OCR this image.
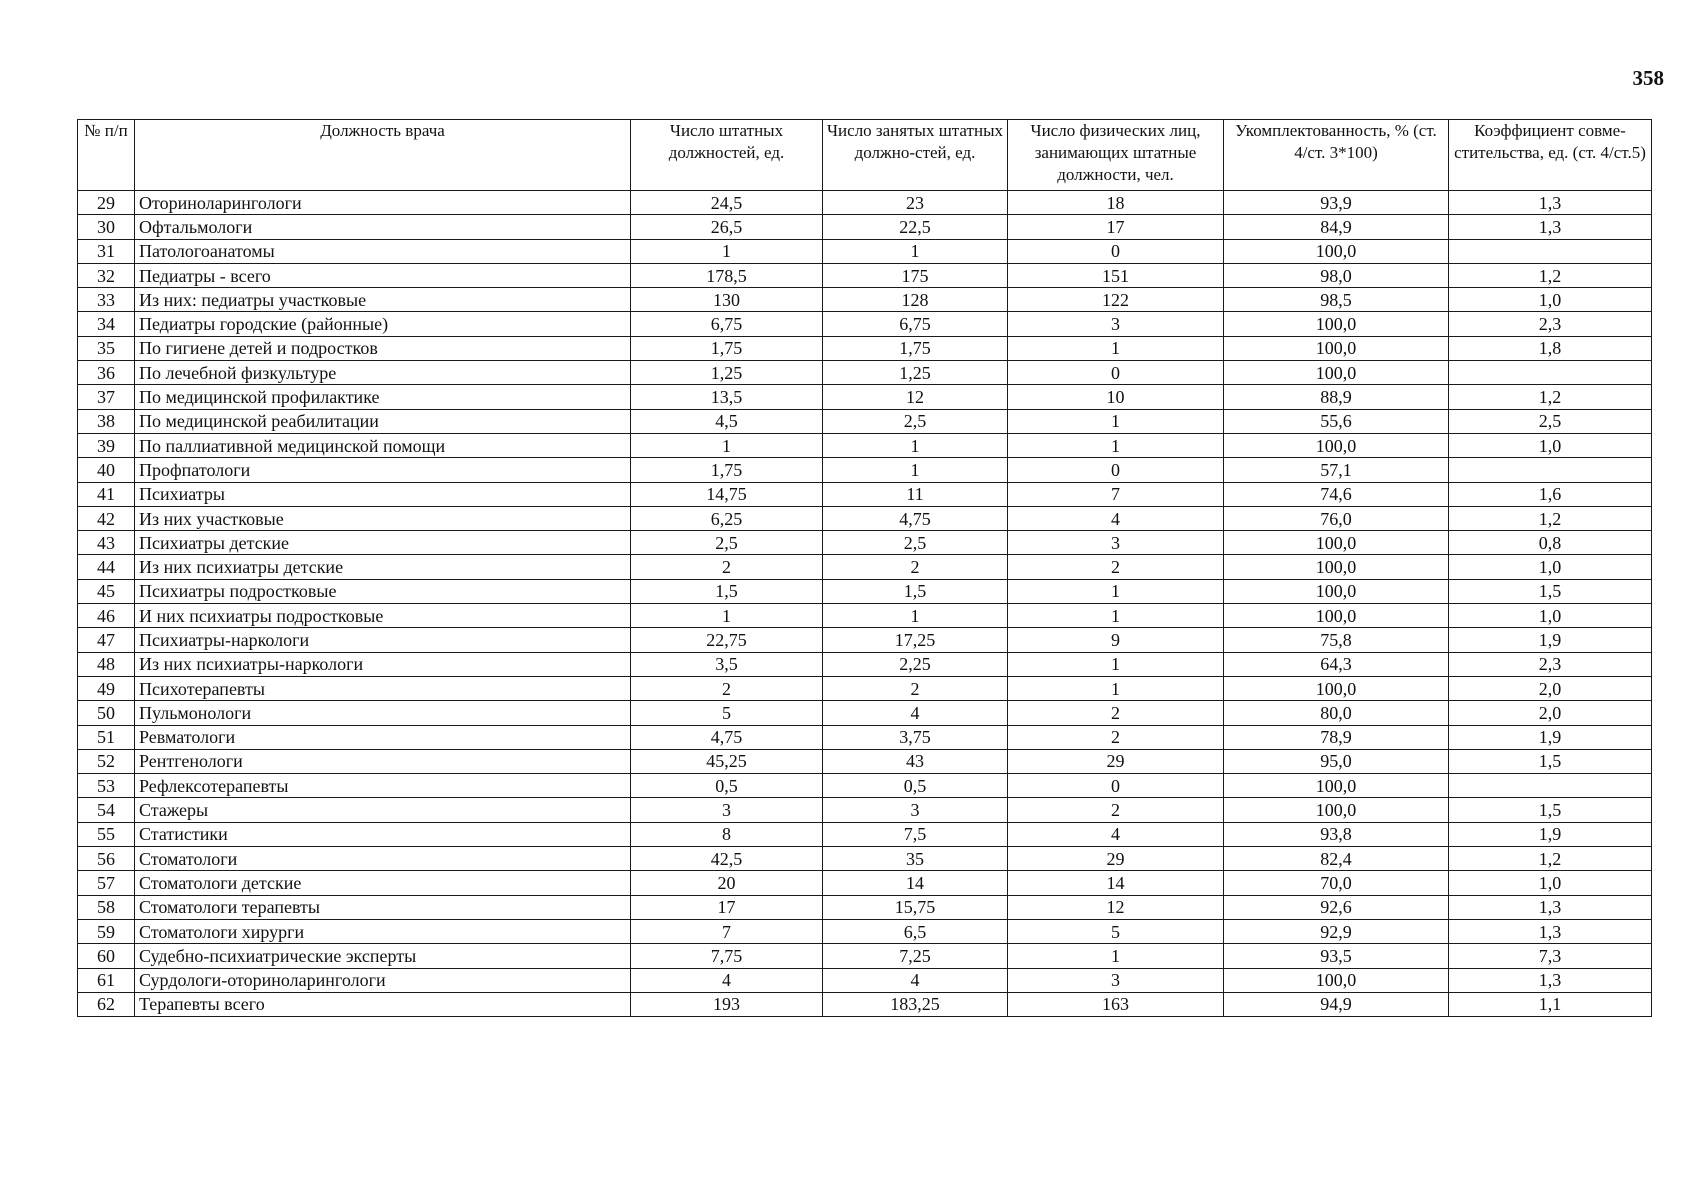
358
№ п/п	Должность врача	Число штатных должностей, ед.	Число занятых штатных должно-стей, ед.	Число физических лиц, занимающих штатные должности, чел.	Укомплектованность, % (ст. 4/ст. 3*100)	Коэффициент совме-стительства, ед. (ст. 4/ст.5)
29	Оториноларингологи	24,5	23	18	93,9	1,3
30	Офтальмологи	26,5	22,5	17	84,9	1,3
31	Патологоанатомы	1	1	0	100,0	
32	Педиатры - всего	178,5	175	151	98,0	1,2
33	Из них: педиатры участковые	130	128	122	98,5	1,0
34	Педиатры городские (районные)	6,75	6,75	3	100,0	2,3
35	По гигиене детей и подростков	1,75	1,75	1	100,0	1,8
36	По лечебной физкультуре	1,25	1,25	0	100,0	
37	По медицинской профилактике	13,5	12	10	88,9	1,2
38	По медицинской реабилитации	4,5	2,5	1	55,6	2,5
39	По паллиативной медицинской помощи	1	1	1	100,0	1,0
40	Профпатологи	1,75	1	0	57,1	
41	Психиатры	14,75	11	7	74,6	1,6
42	Из них участковые	6,25	4,75	4	76,0	1,2
43	Психиатры детские	2,5	2,5	3	100,0	0,8
44	Из них психиатры детские	2	2	2	100,0	1,0
45	Психиатры подростковые	1,5	1,5	1	100,0	1,5
46	И них психиатры подростковые	1	1	1	100,0	1,0
47	Психиатры-наркологи	22,75	17,25	9	75,8	1,9
48	Из них психиатры-наркологи	3,5	2,25	1	64,3	2,3
49	Психотерапевты	2	2	1	100,0	2,0
50	Пульмонологи	5	4	2	80,0	2,0
51	Ревматологи	4,75	3,75	2	78,9	1,9
52	Рентгенологи	45,25	43	29	95,0	1,5
53	Рефлексотерапевты	0,5	0,5	0	100,0	
54	Стажеры	3	3	2	100,0	1,5
55	Статистики	8	7,5	4	93,8	1,9
56	Стоматологи	42,5	35	29	82,4	1,2
57	Стоматологи детские	20	14	14	70,0	1,0
58	Стоматологи терапевты	17	15,75	12	92,6	1,3
59	Стоматологи хирурги	7	6,5	5	92,9	1,3
60	Судебно-психиатрические эксперты	7,75	7,25	1	93,5	7,3
61	Сурдологи-оториноларингологи	4	4	3	100,0	1,3
62	Терапевты всего	193	183,25	163	94,9	1,1
